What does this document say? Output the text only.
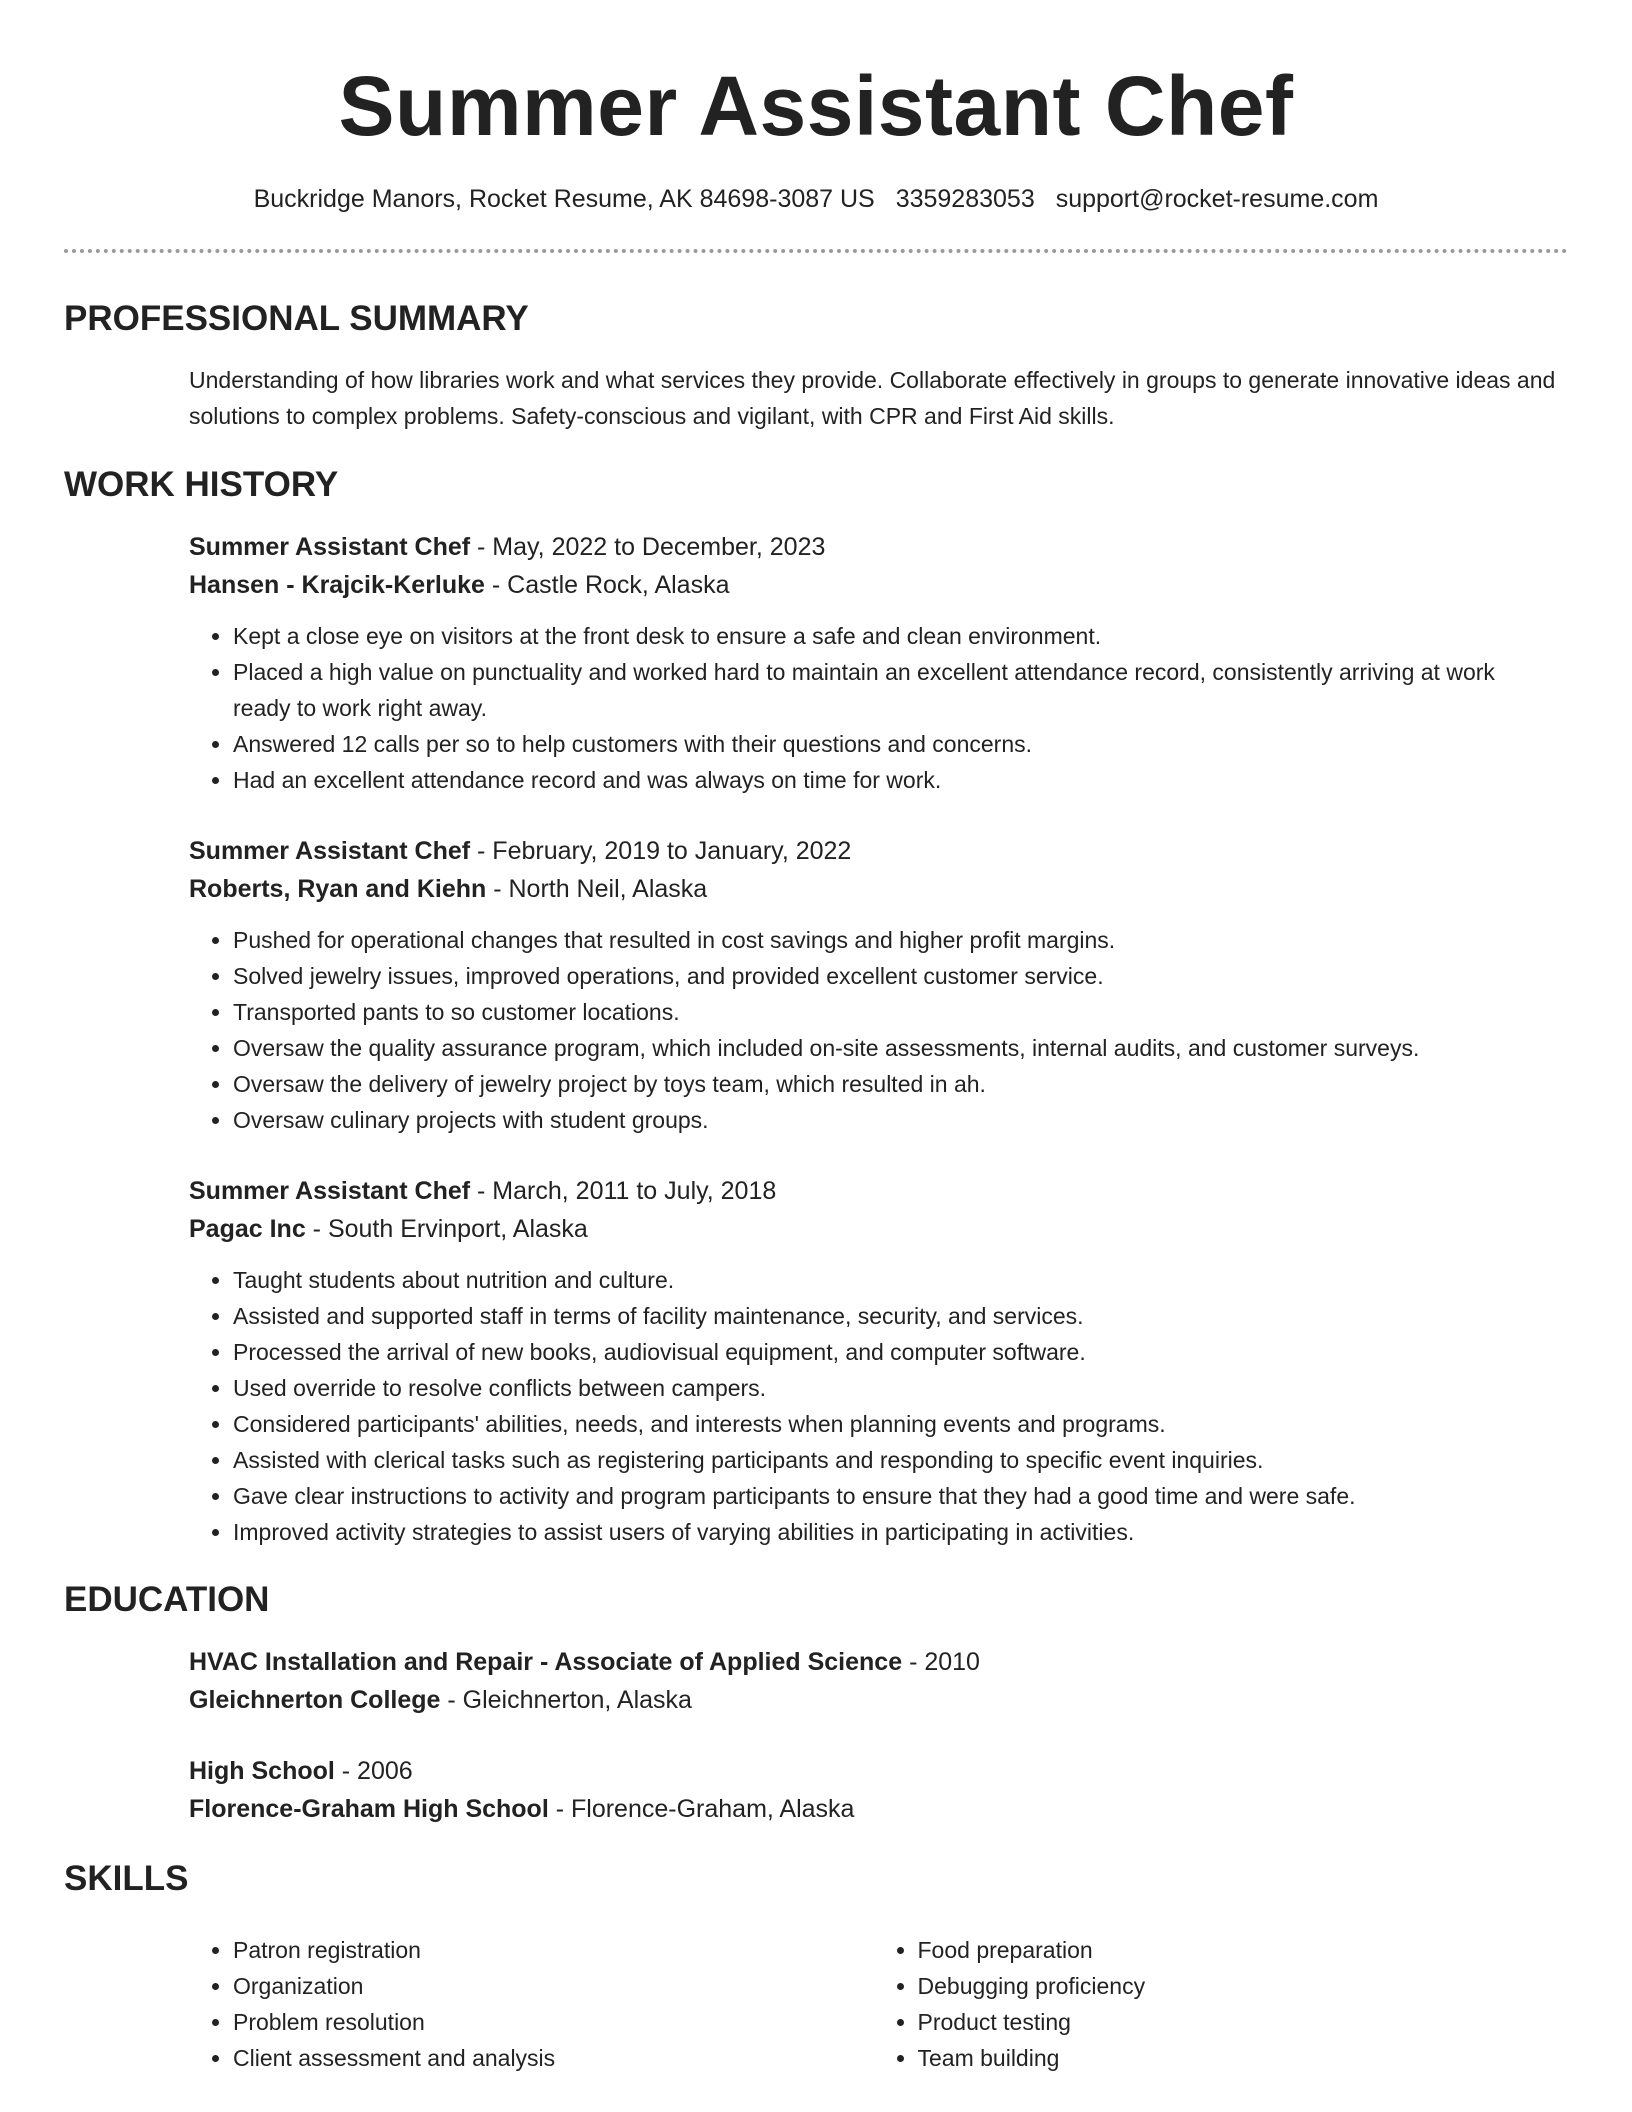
Summer Assistant Chef
Buckridge Manors, Rocket Resume, AK 84698-3087 US 3359283053 support@rocket-resume.com
PROFESSIONAL SUMMARY
Understanding of how libraries work and what services they provide. Collaborate effectively in groups to generate innovative ideas and solutions to complex problems. Safety-conscious and vigilant, with CPR and First Aid skills.
WORK HISTORY
Summer Assistant Chef - May, 2022 to December, 2023
Hansen - Krajcik-Kerluke - Castle Rock, Alaska
• Kept a close eye on visitors at the front desk to ensure a safe and clean environment.
• Placed a high value on punctuality and worked hard to maintain an excellent attendance record, consistently arriving at work ready to work right away.
• Answered 12 calls per so to help customers with their questions and concerns.
• Had an excellent attendance record and was always on time for work.
Summer Assistant Chef - February, 2019 to January, 2022
Roberts, Ryan and Kiehn - North Neil, Alaska
• Pushed for operational changes that resulted in cost savings and higher profit margins.
• Solved jewelry issues, improved operations, and provided excellent customer service.
• Transported pants to so customer locations.
• Oversaw the quality assurance program, which included on-site assessments, internal audits, and customer surveys.
• Oversaw the delivery of jewelry project by toys team, which resulted in ah.
• Oversaw culinary projects with student groups.
Summer Assistant Chef - March, 2011 to July, 2018
Pagac Inc - South Ervinport, Alaska
• Taught students about nutrition and culture.
• Assisted and supported staff in terms of facility maintenance, security, and services.
• Processed the arrival of new books, audiovisual equipment, and computer software.
• Used override to resolve conflicts between campers.
• Considered participants' abilities, needs, and interests when planning events and programs.
• Assisted with clerical tasks such as registering participants and responding to specific event inquiries.
• Gave clear instructions to activity and program participants to ensure that they had a good time and were safe.
• Improved activity strategies to assist users of varying abilities in participating in activities.
EDUCATION
HVAC Installation and Repair - Associate of Applied Science - 2010
Gleichnerton College - Gleichnerton, Alaska
High School - 2006
Florence-Graham High School - Florence-Graham, Alaska
SKILLS
• Patron registration
• Organization
• Problem resolution
• Client assessment and analysis
• Food preparation
• Debugging proficiency
• Product testing
• Team building
